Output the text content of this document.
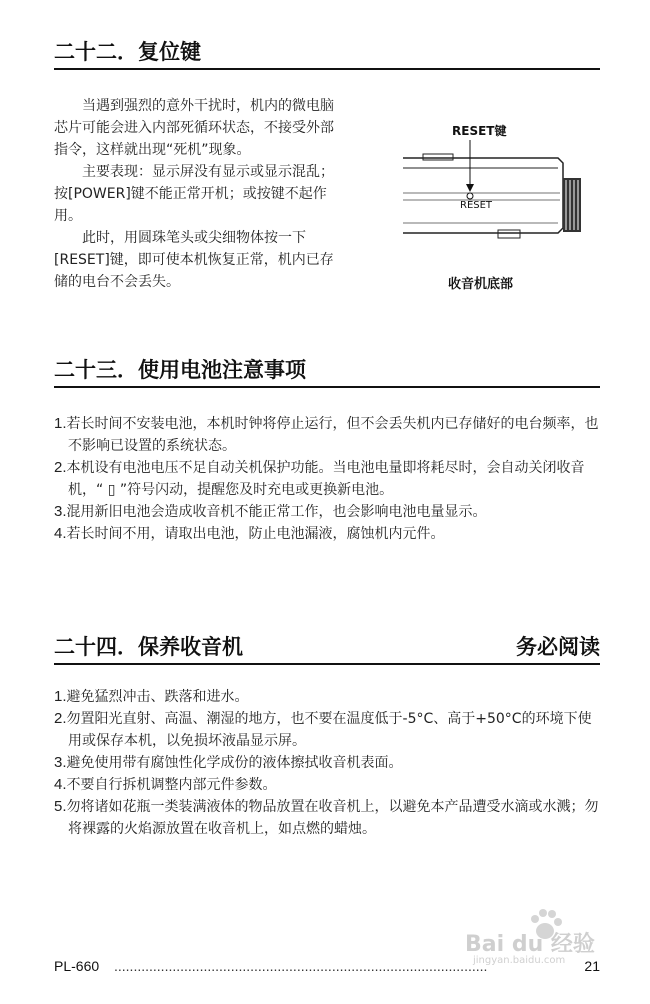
二十二．复位键
当遇到强烈的意外干扰时，机内的微电脑芯片可能会进入内部死循环状态，不接受外部指令，这样就出现“死机”现象。
主要表现：显示屏没有显示或显示混乱；按[POWER]键不能正常开机；或按键不起作用。
此时，用圆珠笔头或尖细物体按一下[RESET]键，即可使本机恢复正常，机内已存储的电台不会丢失。
RESET键
RESET
收音机底部
二十三．使用电池注意事项
1.若长时间不安装电池，本机时钟将停止运行，但不会丢失机内已存储好的电台频率，也不影响已设置的系统状态。
2.本机设有电池电压不足自动关机保护功能。当电池电量即将耗尽时，会自动关闭收音机，“ ▯ ”符号闪动，提醒您及时充电或更换新电池。
3.混用新旧电池会造成收音机不能正常工作，也会影响电池电量显示。
4.若长时间不用，请取出电池，防止电池漏液，腐蚀机内元件。
二十四．保养收音机	务必阅读
1.避免猛烈冲击、跌落和进水。
2.勿置阳光直射、高温、潮湿的地方，也不要在温度低于-5°C、高于+50°C的环境下使用或保存本机，以免损坏液晶显示屏。
3.避免使用带有腐蚀性化学成份的液体擦拭收音机表面。
4.不要自行拆机调整内部元件参数。
5.勿将诸如花瓶一类装满液体的物品放置在收音机上，以避免本产品遭受水滴或水溅；勿将裸露的火焰源放置在收音机上，如点燃的蜡烛。
Bai du 经验
jingyan.baidu.com
PL-660 ................................................................................................	21
